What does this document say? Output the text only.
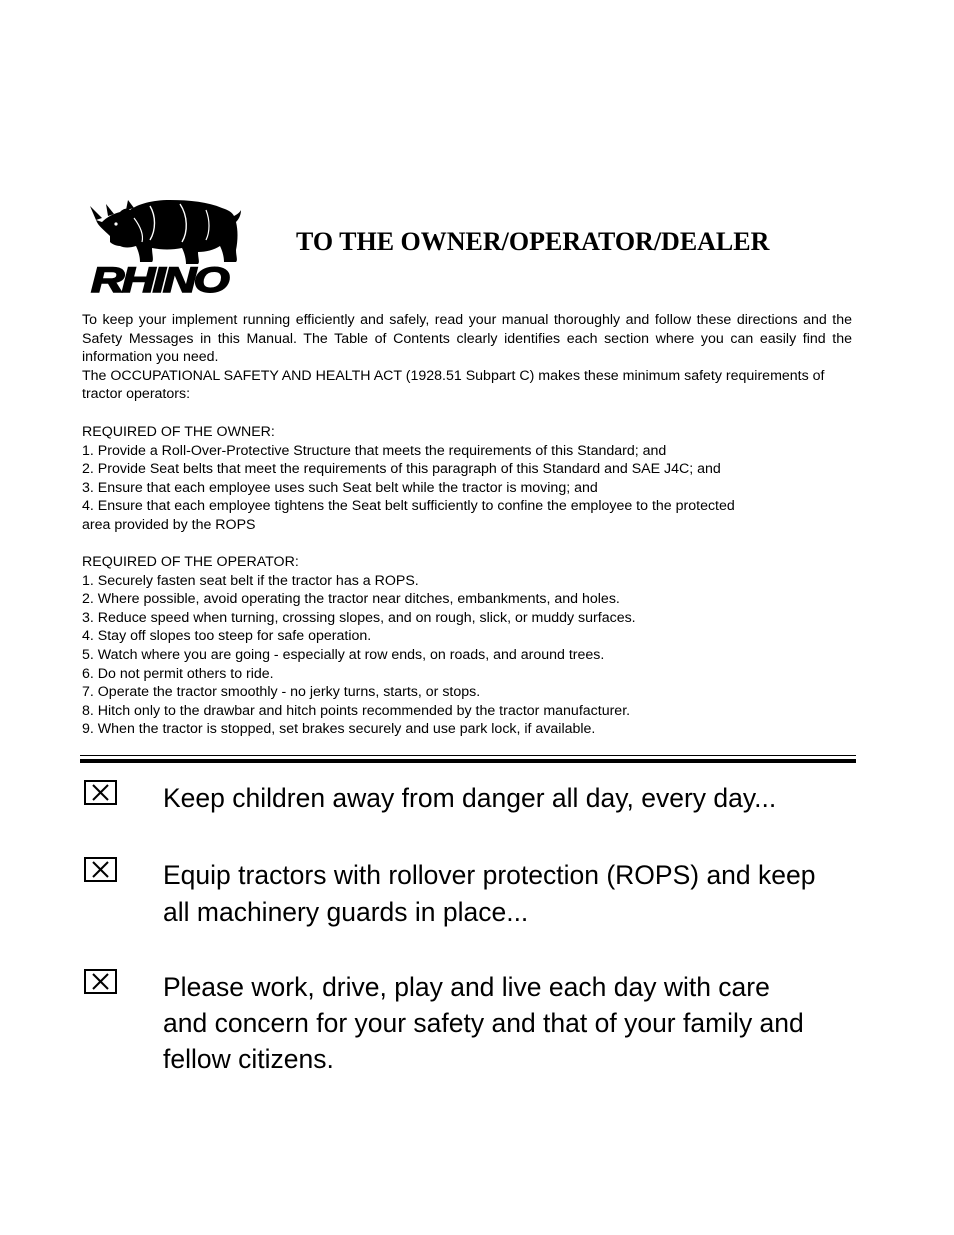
RHINO
®
TO THE OWNER/OPERATOR/DEALER

To keep your implement running efficiently and safely, read your manual thoroughly and follow these directions and the Safety Messages in this Manual. The Table of Contents clearly identifies each section where you can easily find the information you need.

The OCCUPATIONAL SAFETY AND HEALTH ACT (1928.51 Subpart C) makes these minimum safety requirements of tractor operators:

REQUIRED OF THE OWNER:
1. Provide a Roll-Over-Protective Structure that meets the requirements of this Standard; and
2. Provide Seat belts that meet the requirements of this paragraph of this Standard and SAE J4C; and
3. Ensure that each employee uses such Seat belt while the tractor is moving; and
4. Ensure that each employee tightens the Seat belt sufficiently to confine the employee to the protected
area provided by the ROPS
REQUIRED OF THE OPERATOR:
1. Securely fasten seat belt if the tractor has a ROPS.
2. Where possible, avoid operating the tractor near ditches, embankments, and holes.
3. Reduce speed when turning, crossing slopes, and on rough, slick, or muddy surfaces.
4. Stay off slopes too steep for safe operation.
5. Watch where you are going - especially at row ends, on roads, and around trees.
6. Do not permit others to ride.
7. Operate the tractor smoothly - no jerky turns, starts, or stops.
8. Hitch only to the drawbar and hitch points recommended by the tractor manufacturer.
9. When the tractor is stopped, set brakes securely and use park lock, if available.
Keep children away from danger all day, every day...
Equip tractors with rollover protection (ROPS) and keep
all machinery guards in place...
Please work, drive, play and live each day with care
and concern for your safety and that of your family and
fellow citizens.
